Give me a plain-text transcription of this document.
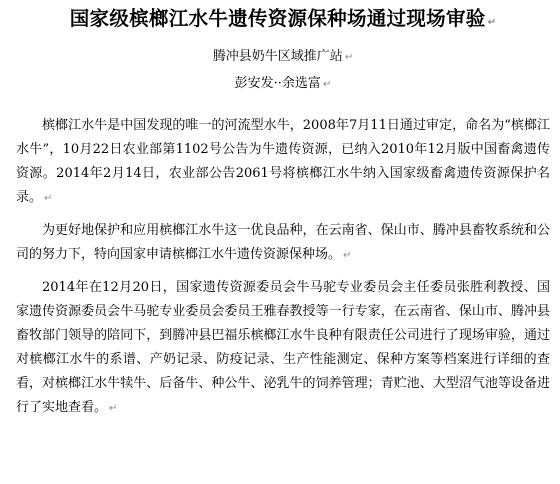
国家级槟榔江水牛遗传资源保种场通过现场审验 ↵

腾冲县奶牛区域推广站 ↵

彭安发··余选富 ↵

槟榔江水牛是中国发现的唯一的河流型水牛，2008年7月11日通过审定，命名为“槟榔江水牛”，10月22日农业部第1102号公告为牛遗传资源，已纳入2010年12月版中国畜禽遗传资源。2014年2月14日，农业部公告2061号将槟榔江水牛纳入国家级畜禽遗传资源保护名录。 ↵

为更好地保护和应用槟榔江水牛这一优良品种，在云南省、保山市、腾冲县畜牧系统和公司的努力下，特向国家申请槟榔江水牛遗传资源保种场。 ↵

2014年在12月20日，国家遗传资源委员会牛马驼专业委员会主任委员张胜利教授、国家遗传资源委员会牛马驼专业委员会委员王雅春教授等一行专家，在云南省、保山市、腾冲县畜牧部门领导的陪同下，到腾冲县巴福乐槟榔江水牛良种有限责任公司进行了现场审验，通过对槟榔江水牛的系谱、产奶记录、防疫记录、生产性能测定、保种方案等档案进行详细的查看，对槟榔江水牛犊牛、后备牛、种公牛、泌乳牛的饲养管理；青贮池、大型沼气池等设备进行了实地查看。 ↵
